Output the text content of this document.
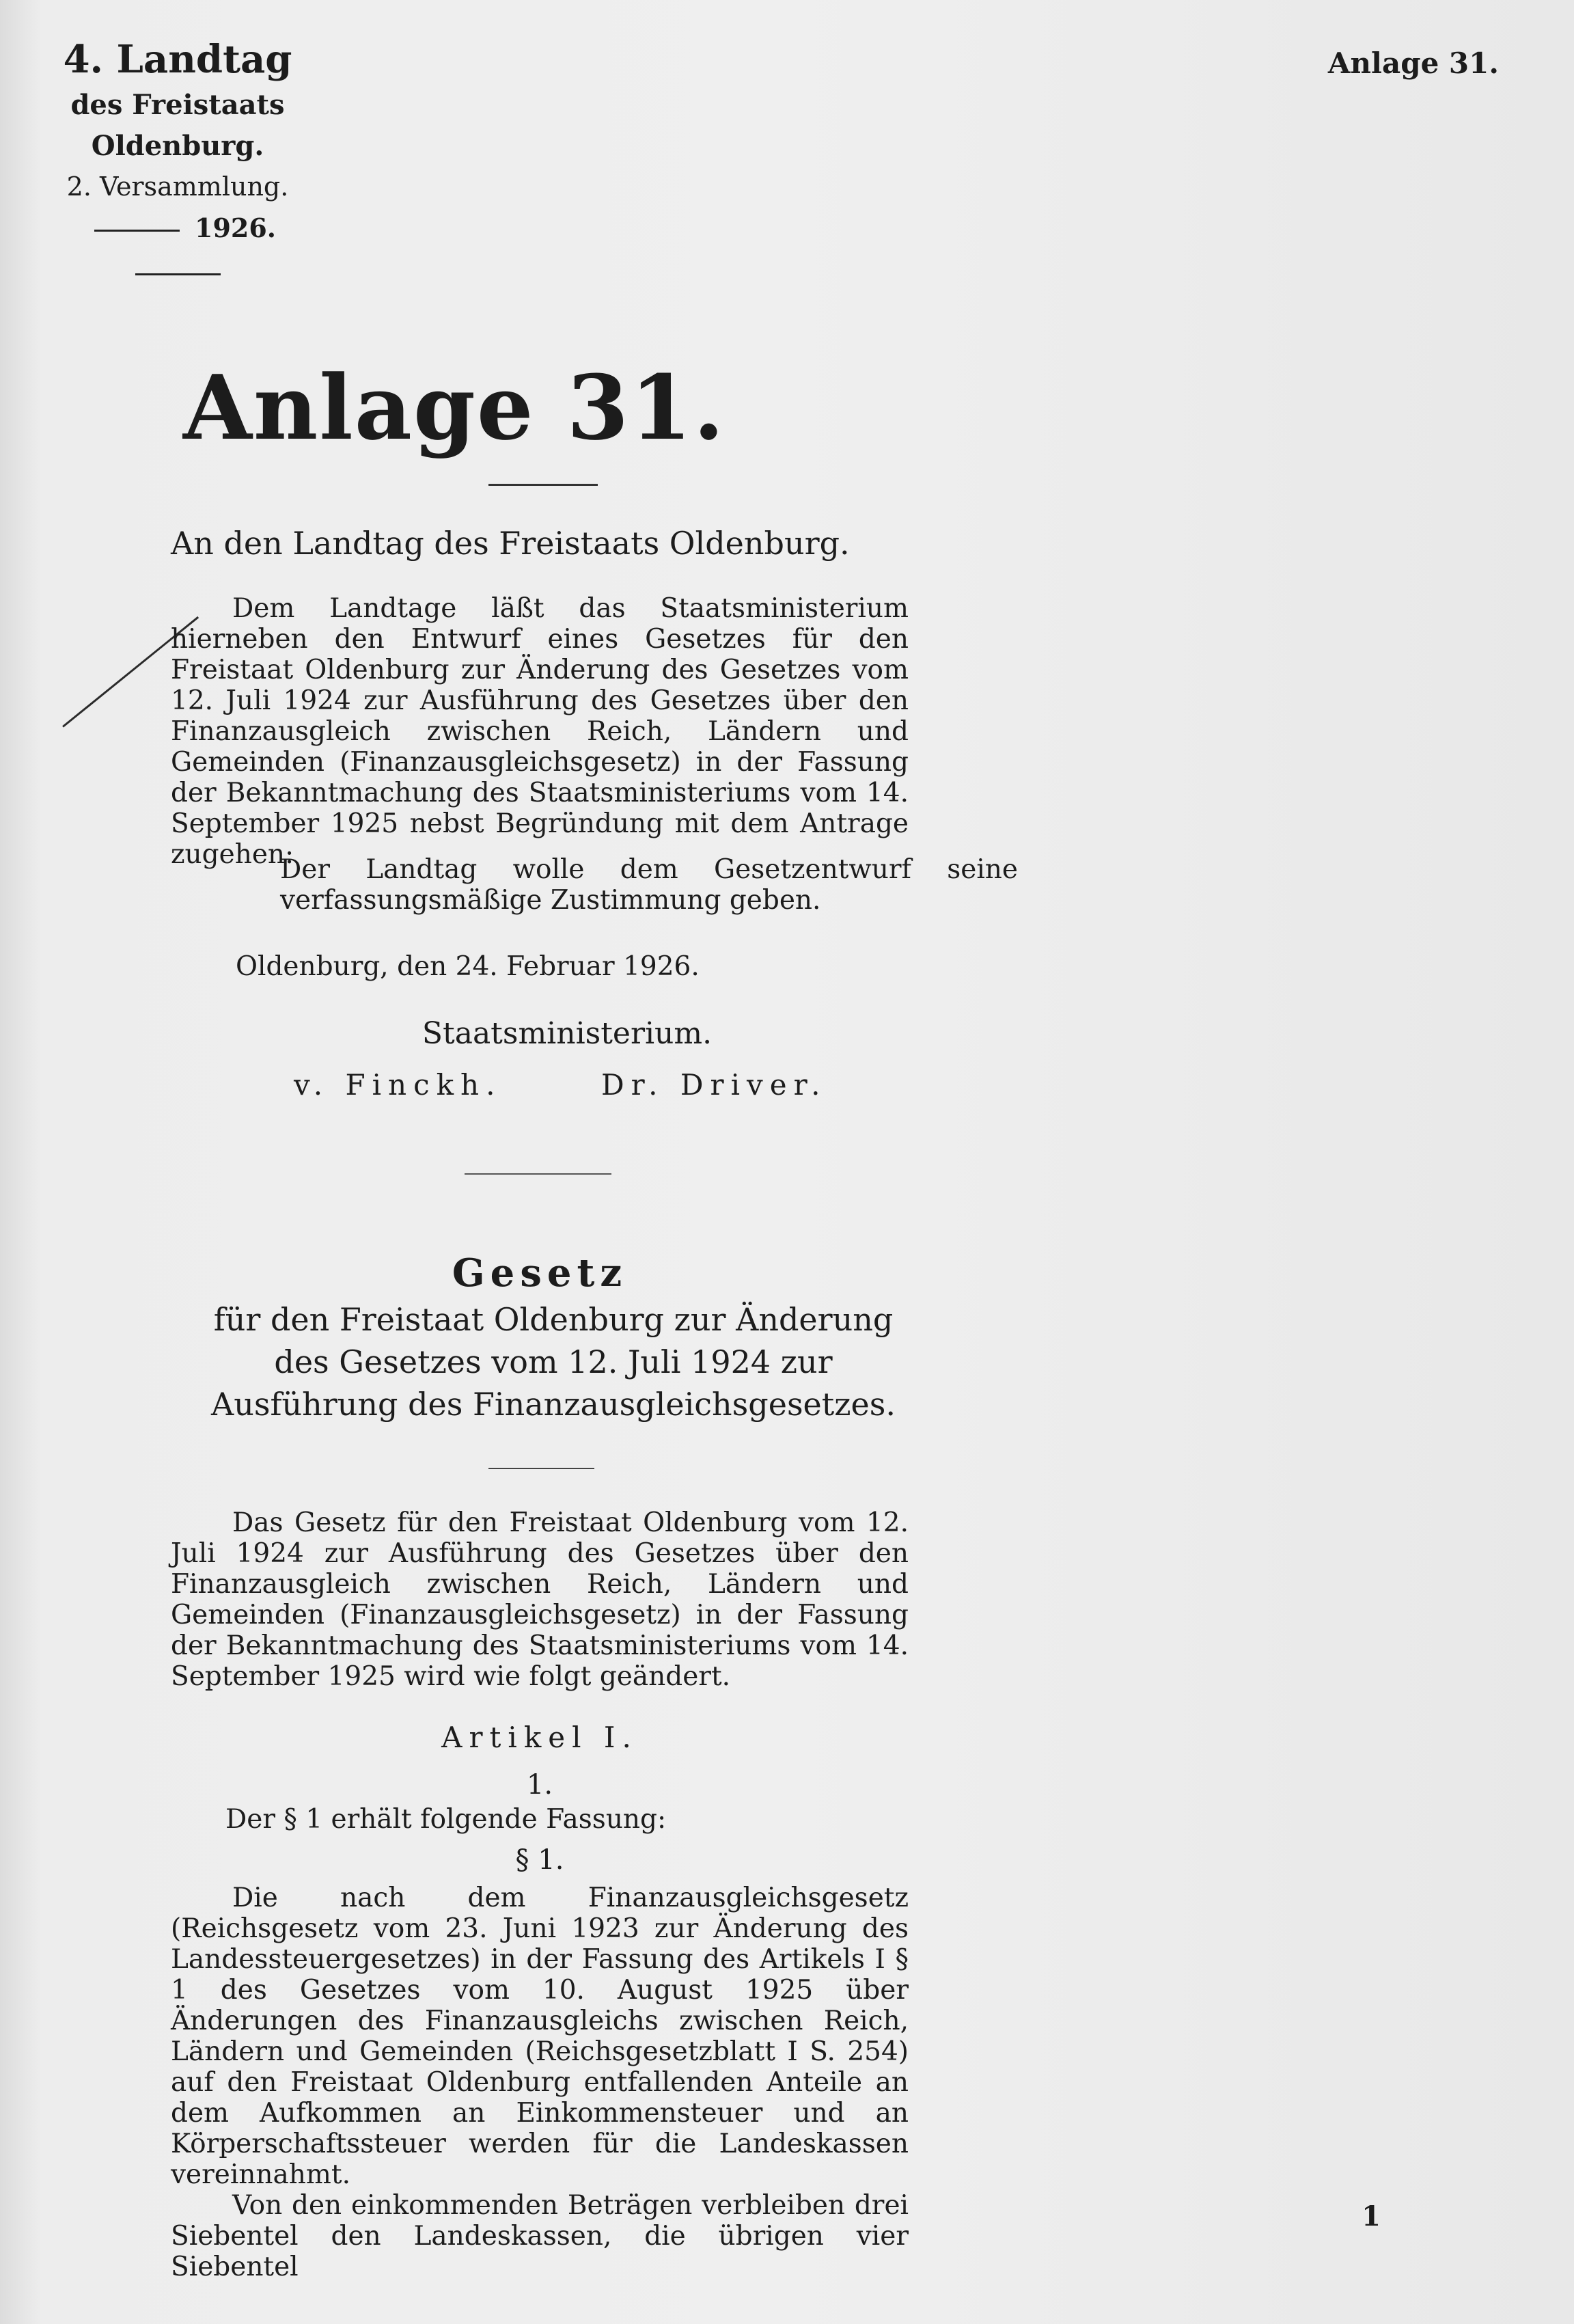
4. Landtag
des Freistaats Oldenburg.
2. Versammlung.
1926.
Anlage 31.
Anlage 31.
An den Landtag des Freistaats Oldenburg.
Dem Landtage läßt das Staatsministerium hierneben den Entwurf eines Gesetzes für den Freistaat Oldenburg zur Änderung des Gesetzes vom 12. Juli 1924 zur Ausführung des Gesetzes über den Finanzausgleich zwischen Reich, Ländern und Gemeinden (Finanzausgleichsgesetz) in der Fassung der Bekanntmachung des Staatsministeriums vom 14. September 1925 nebst Begründung mit dem Antrage zugehen:
Der Landtag wolle dem Gesetzentwurf seine verfassungsmäßige Zustimmung geben.
Oldenburg, den 24. Februar 1926.
Staatsministerium.
v. Finckh.	Dr. Driver.
Gesetz
für den Freistaat Oldenburg zur Änderung des Gesetzes vom 12. Juli 1924 zur Ausführung des Finanzausgleichsgesetzes.
Das Gesetz für den Freistaat Oldenburg vom 12. Juli 1924 zur Ausführung des Gesetzes über den Finanzausgleich zwischen Reich, Ländern und Gemeinden (Finanzausgleichsgesetz) in der Fassung der Bekanntmachung des Staatsministeriums vom 14. September 1925 wird wie folgt geändert.
Artikel I.
1.
Der § 1 erhält folgende Fassung:
§ 1.
Die nach dem Finanzausgleichsgesetz (Reichsgesetz vom 23. Juni 1923 zur Änderung des Landessteuergesetzes) in der Fassung des Artikels I § 1 des Gesetzes vom 10. August 1925 über Änderungen des Finanzausgleichs zwischen Reich, Ländern und Gemeinden (Reichsgesetzblatt I S. 254) auf den Freistaat Oldenburg entfallenden Anteile an dem Aufkommen an Einkommensteuer und an Körperschaftssteuer werden für die Landeskassen vereinnahmt.
Von den einkommenden Beträgen verbleiben drei Siebentel den Landeskassen, die übrigen vier Siebentel
1
